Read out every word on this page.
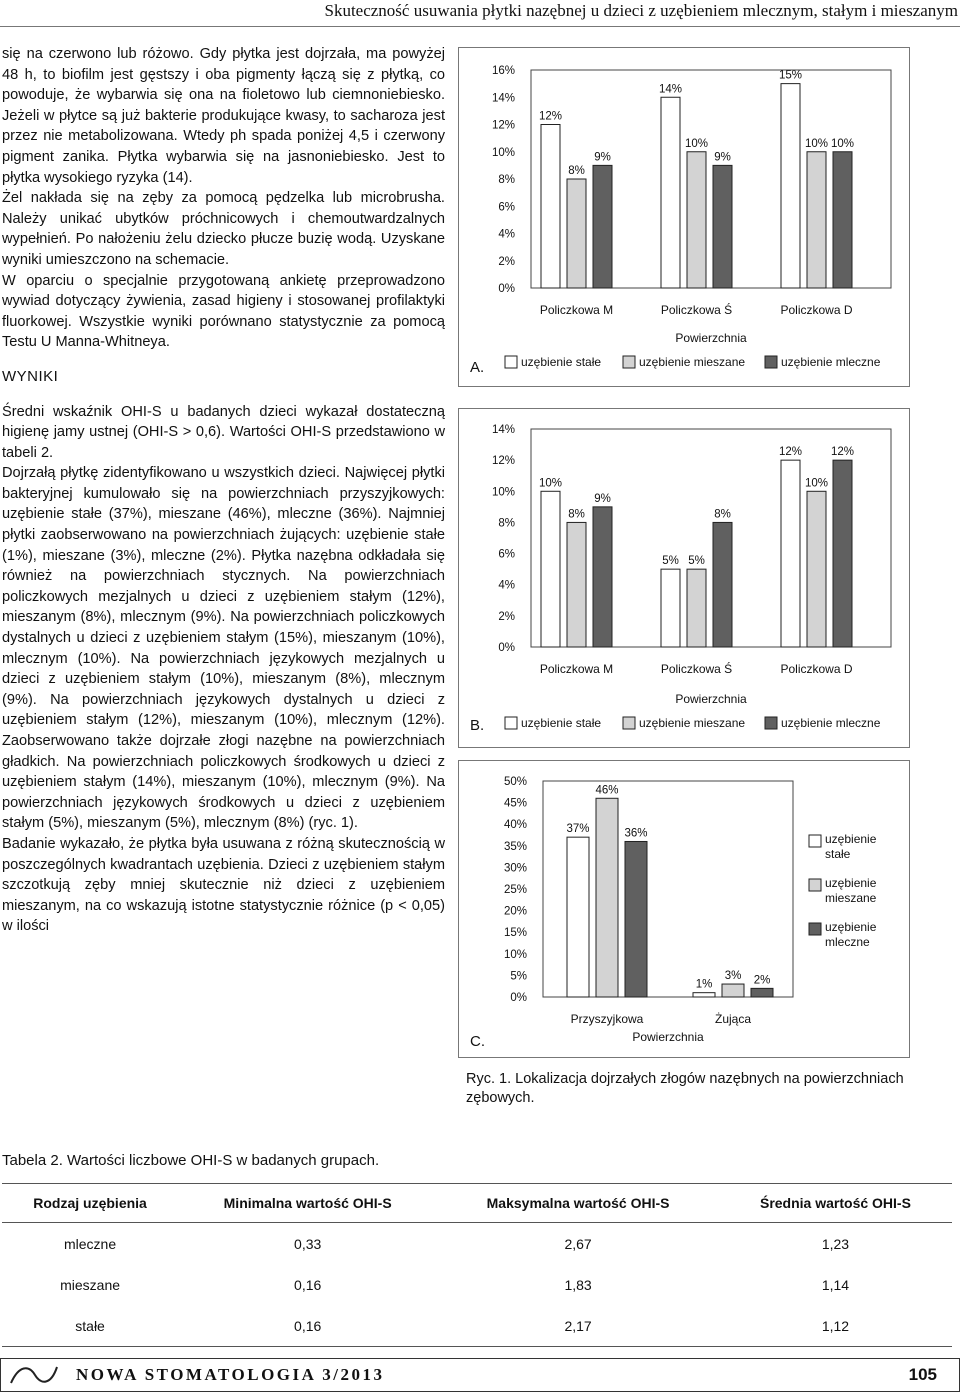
Skuteczność usuwania płytki nazębnej u dzieci z uzębieniem mlecznym, stałym i mieszanym

się na czerwono lub różowo. Gdy płytka jest dojrzała, ma powyżej 48 h, to biofilm jest gęstszy i oba pigmenty łączą się z płytką, co powoduje, że wybarwia się ona na fioletowo lub ciemnoniebiesko. Jeżeli w płytce są już bakterie produkujące kwasy, to sacharoza jest przez nie metabolizowana. Wtedy ph spada poniżej 4,5 i czerwony pigment zanika. Płytka wybarwia się na jasnoniebiesko. Jest to płytka wysokiego ryzyka (14).

Żel nakłada się na zęby za pomocą pędzelka lub microbrusha. Należy unikać ubytków próchnicowych i chemoutwardzalnych wypełnień. Po nałożeniu żelu dziecko płucze buzię wodą. Uzyskane wyniki umieszczono na schemacie.

W oparciu o specjalnie przygotowaną ankietę przeprowadzono wywiad dotyczący żywienia, zasad higieny i stosowanej profilaktyki fluorkowej. Wszystkie wyniki porównano statystycznie za pomocą Testu U Manna-Whitneya.

WYNIKI

Średni wskaźnik OHI-S u badanych dzieci wykazał dostateczną higienę jamy ustnej (OHI-S > 0,6). Wartości OHI-S przedstawiono w tabeli 2.

Dojrzałą płytkę zidentyfikowano u wszystkich dzieci. Najwięcej płytki bakteryjnej kumulowało się na powierzchniach przyszyjkowych: uzębienie stałe (37%), mieszane (46%), mleczne (36%). Najmniej płytki zaobserwowano na powierzchniach żujących: uzębienie stałe (1%), mieszane (3%), mleczne (2%). Płytka nazębna odkładała się również na powierzchniach stycznych. Na powierzchniach policzkowych mezjalnych u dzieci z uzębieniem stałym (12%), mieszanym (8%), mlecznym (9%). Na powierzchniach policzkowych dystalnych u dzieci z uzębieniem stałym (15%), mieszanym (10%), mlecznym (10%). Na powierzchniach językowych mezjalnych u dzieci z uzębieniem stałym (10%), mieszanym (8%), mlecznym (9%). Na powierzchniach językowych dystalnych u dzieci z uzębieniem stałym (12%), mieszanym (10%), mlecznym (12%). Zaobserwowano także dojrzałe złogi nazębne na powierzchniach gładkich. Na powierzchniach policzkowych środkowych u dzieci z uzębieniem stałym (14%), mieszanym (10%), mlecznym (9%). Na powierzchniach językowych środkowych u dzieci z uzębieniem stałym (5%), mieszanym (5%), mlecznym (8%) (ryc. 1).

Badanie wykazało, że płytka była usuwana z różną skutecznością w poszczególnych kwadrantach uzębienia. Dzieci z uzębieniem stałym szczotkują zęby mniej skutecznie niż dzieci z uzębieniem mieszanym, na co wskazują istotne statystycznie różnice (p < 0,05) w ilości

0%
2%
4%
6%
8%
10%
12%
14%
16%
12%
8%
9%
Policzkowa M
14%
10%
9%
Policzkowa Ś
15%
10% 10%
Policzkowa D
Powierzchnia
uzębienie stałe	uzębienie mieszane	uzębienie mleczne
A.
0%
2%
4%
6%
8%
10%
12%
14%
10%
8%
9%
Policzkowa M
5% 5%
8%
Policzkowa Ś
12%
10%
12%
Policzkowa D
Powierzchnia
uzębienie stałe	uzębienie mieszane	uzębienie mleczne
B.
0%
5%
10%
15%
20%
25%
30%
35%
40%
45%
50%
37%
46%
36%
Przyszyjkowa
1%
3% 2%
Żująca
Powierzchnia
uzębienie stałe
uzębienie mieszane
uzębienie mleczne
C.
Ryc. 1. Lokalizacja dojrzałych złogów nazębnych na powierzchniach zębowych.
Tabela 2. Wartości liczbowe OHI-S w badanych grupach.
Rodzaj uzębienia	Minimalna wartość OHI-S	Maksymalna wartość OHI-S	Średnia wartość OHI-S
mleczne	0,33	2,67	1,23
mieszane	0,16	1,83	1,14
stałe	0,16	2,17	1,12
NOWA STOMATOLOGIA 3/2013	105
